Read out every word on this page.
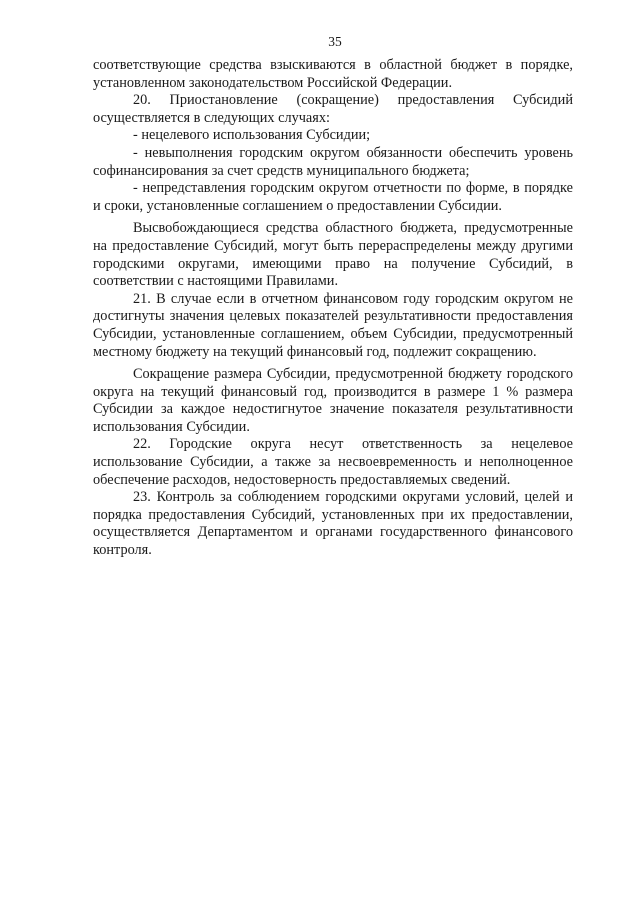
35

соответствующие средства взыскиваются в областной бюджет в порядке, установленном законодательством Российской Федерации.

20. Приостановление (сокращение) предоставления Субсидий осуществляется в следующих случаях:

- нецелевого использования Субсидии;

- невыполнения городским округом обязанности обеспечить уровень софинансирования за счет средств муниципального бюджета;

- непредставления городским округом отчетности по форме, в порядке и сроки, установленные соглашением о предоставлении Субсидии.

Высвобождающиеся средства областного бюджета, предусмотренные на предоставление Субсидий, могут быть перераспределены между другими городскими округами, имеющими право на получение Субсидий, в соответствии с настоящими Правилами.

21. В случае если в отчетном финансовом году городским округом не достигнуты значения целевых показателей результативности предоставления Субсидии, установленные соглашением, объем Субсидии, предусмотренный местному бюджету на текущий финансовый год, подлежит сокращению.

Сокращение размера Субсидии, предусмотренной бюджету городского округа на текущий финансовый год, производится в размере 1 % размера Субсидии за каждое недостигнутое значение показателя результативности использования Субсидии.

22. Городские округа несут ответственность за нецелевое использование Субсидии, а также за несвоевременность и неполноценное обеспечение расходов, недостоверность предоставляемых сведений.

23. Контроль за соблюдением городскими округами условий, целей и порядка предоставления Субсидий, установленных при их предоставлении, осуществляется Департаментом и органами государственного финансового контроля.
